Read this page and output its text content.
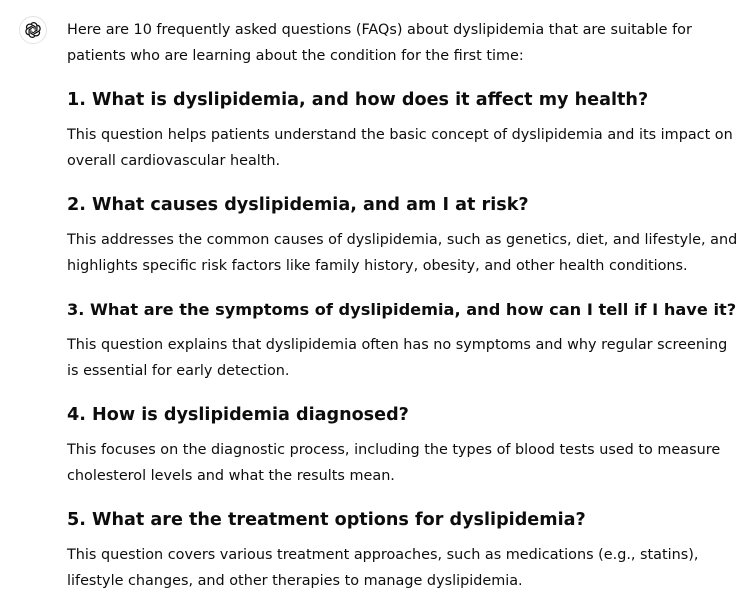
Here are 10 frequently asked questions (FAQs) about dyslipidemia that are suitable for patients who are learning about the condition for the first time:

1. What is dyslipidemia, and how does it affect my health?

This question helps patients understand the basic concept of dyslipidemia and its impact on overall cardiovascular health.

2. What causes dyslipidemia, and am I at risk?

This addresses the common causes of dyslipidemia, such as genetics, diet, and lifestyle, and highlights specific risk factors like family history, obesity, and other health conditions.

3. What are the symptoms of dyslipidemia, and how can I tell if I have it?

This question explains that dyslipidemia often has no symptoms and why regular screening is essential for early detection.

4. How is dyslipidemia diagnosed?

This focuses on the diagnostic process, including the types of blood tests used to measure cholesterol levels and what the results mean.

5. What are the treatment options for dyslipidemia?

This question covers various treatment approaches, such as medications (e.g., statins), lifestyle changes, and other therapies to manage dyslipidemia.
